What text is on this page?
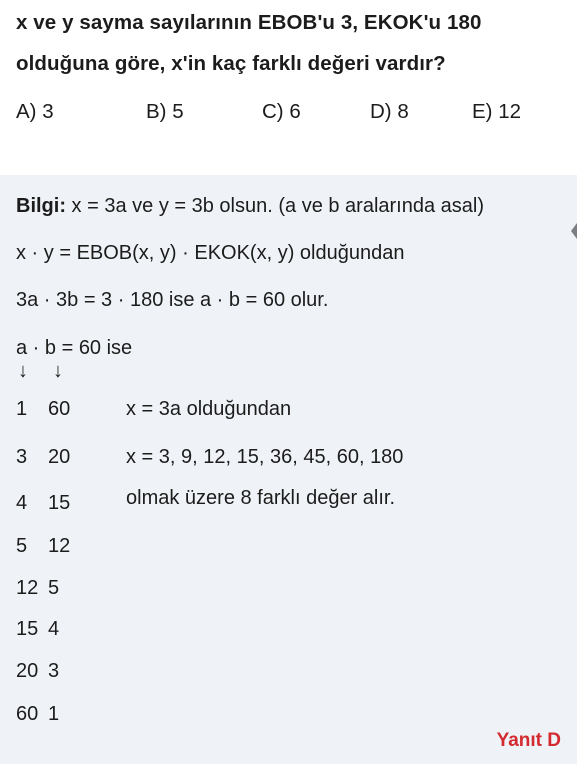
x ve y sayma sayılarının EBOB'u 3, EKOK'u 180
olduğuna göre, x'in kaç farklı değeri vardır?
A) 3	B) 5	C) 6	D) 8	E) 12
Bilgi: x = 3a ve y = 3b olsun. (a ve b aralarında asal)
x · y = EBOB(x, y) · EKOK(x, y) olduğundan
3a · 3b = 3 · 180 ise a · b = 60 olur.
a · b = 60 ise
↓ ↓
1 60
3 20
4 15
5 12
12 5
15 4
20 3
60 1
x = 3a olduğundan
x = 3, 9, 12, 15, 36, 45, 60, 180
olmak üzere 8 farklı değer alır.
Yanıt D
